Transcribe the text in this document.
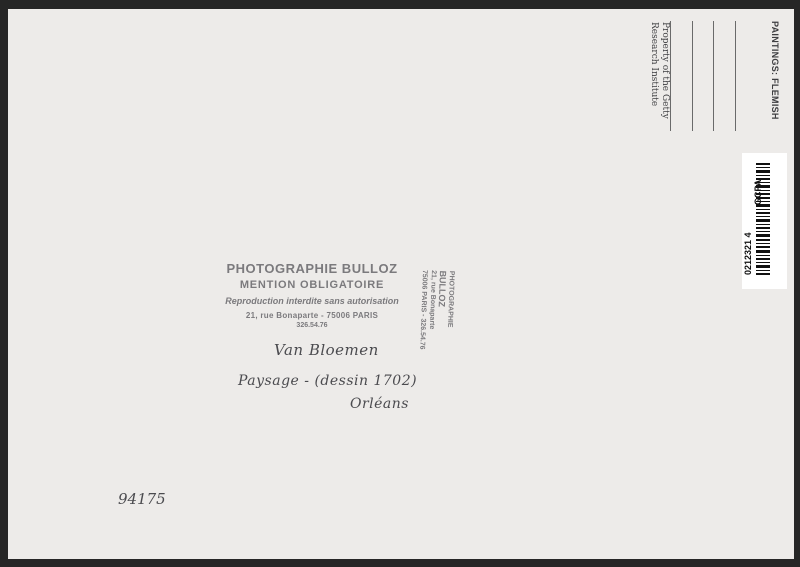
PAINTINGS: FLEMISH
Property of the Getty
Research Institute
GCPA
0212321 4
PHOTOGRAPHIE BULLOZ
MENTION OBLIGATOIRE
Reproduction interdite sans autorisation
21, rue Bonaparte - 75006 PARIS
326.54.76	PHOTOGRAPHIE
BULLOZ
21, rue Bonaparte
75006 PARIS - 326.54.76
Van Bloemen
Paysage - (dessin 1702)
Orléans
94175
